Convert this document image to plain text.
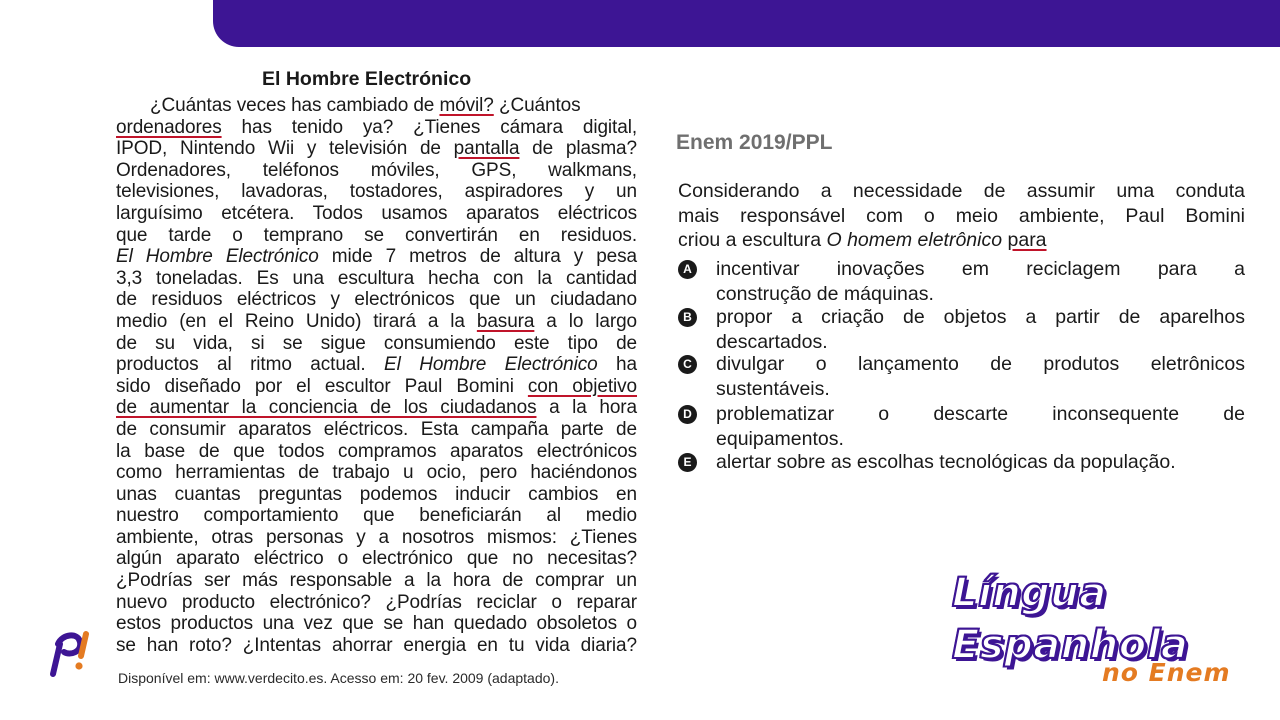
El Hombre Electrónico
¿Cuántas veces has cambiado de móvil? ¿Cuántos
ordenadores has tenido ya? ¿Tienes cámara digital,
IPOD, Nintendo Wii y televisión de pantalla de plasma?
Ordenadores, teléfonos móviles, GPS, walkmans,
televisiones, lavadoras, tostadores, aspiradores y un
larguísimo etcétera. Todos usamos aparatos eléctricos
que tarde o temprano se convertirán en residuos.
El Hombre Electrónico mide 7 metros de altura y pesa
3,3 toneladas. Es una escultura hecha con la cantidad
de residuos eléctricos y electrónicos que un ciudadano
medio (en el Reino Unido) tirará a la basura a lo largo
de su vida, si se sigue consumiendo este tipo de
productos al ritmo actual. El Hombre Electrónico ha
sido diseñado por el escultor Paul Bomini con objetivo
de aumentar la conciencia de los ciudadanos a la hora
de consumir aparatos eléctricos. Esta campaña parte de
la base de que todos compramos aparatos electrónicos
como herramientas de trabajo u ocio, pero haciéndonos
unas cuantas preguntas podemos inducir cambios en
nuestro comportamiento que beneficiarán al medio
ambiente, otras personas y a nosotros mismos: ¿Tienes
algún aparato eléctrico o electrónico que no necesitas?
¿Podrías ser más responsable a la hora de comprar un
nuevo producto electrónico? ¿Podrías reciclar o reparar
estos productos una vez que se han quedado obsoletos o
se han roto? ¿Intentas ahorrar energia en tu vida diaria?

Disponível em: www.verdecito.es. Acesso em: 20 fev. 2009 (adaptado).

Enem 2019/PPL
Considerando a necessidade de assumir uma conduta
mais responsável com o meio ambiente, Paul Bomini
criou a escultura O homem eletrônico para
A incentivar inovações em reciclagem para a
construção de máquinas.
B propor a criação de objetos a partir de aparelhos
descartados.
C divulgar o lançamento de produtos eletrônicos
sustentáveis.
D problematizar o descarte inconsequente de
equipamentos.
E alertar sobre as escolhas tecnológicas da população.
Língua
Espanhola
no Enem
